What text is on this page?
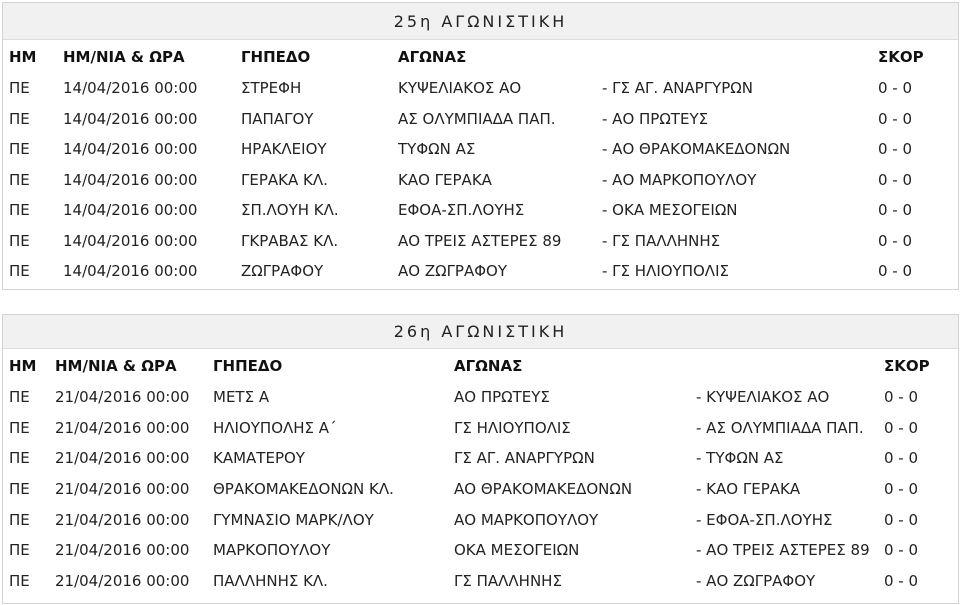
25η ΑΓΩΝΙΣΤΙΚΗ
ΗΜ	ΗΜ/ΝΙΑ & ΩΡΑ	ΓΗΠΕΔΟ	ΑΓΩΝΑΣ		ΣΚΟΡ
ΠΕ	14/04/2016 00:00	ΣΤΡΕΦΗ	ΚΥΨΕΛΙΑΚΟΣ ΑΟ	- ΓΣ ΑΓ. ΑΝΑΡΓΥΡΩΝ	0 - 0
ΠΕ	14/04/2016 00:00	ΠΑΠΑΓΟΥ	ΑΣ ΟΛΥΜΠΙΑΔΑ ΠΑΠ.	- ΑΟ ΠΡΩΤΕΥΣ	0 - 0
ΠΕ	14/04/2016 00:00	ΗΡΑΚΛΕΙΟΥ	ΤΥΦΩΝ ΑΣ	- ΑΟ ΘΡΑΚΟΜΑΚΕΔΟΝΩΝ	0 - 0
ΠΕ	14/04/2016 00:00	ΓΕΡΑΚΑ ΚΛ.	ΚΑΟ ΓΕΡΑΚΑ	- ΑΟ ΜΑΡΚΟΠΟΥΛΟΥ	0 - 0
ΠΕ	14/04/2016 00:00	ΣΠ.ΛΟΥΗ ΚΛ.	ΕΦΟΑ-ΣΠ.ΛΟΥΗΣ	- ΟΚΑ ΜΕΣΟΓΕΙΩΝ	0 - 0
ΠΕ	14/04/2016 00:00	ΓΚΡΑΒΑΣ ΚΛ.	ΑΟ ΤΡΕΙΣ ΑΣΤΕΡΕΣ 89	- ΓΣ ΠΑΛΛΗΝΗΣ	0 - 0
ΠΕ	14/04/2016 00:00	ΖΩΓΡΑΦΟΥ	ΑΟ ΖΩΓΡΑΦΟΥ	- ΓΣ ΗΛΙΟΥΠΟΛΙΣ	0 - 0
26η ΑΓΩΝΙΣΤΙΚΗ
ΗΜ	ΗΜ/ΝΙΑ & ΩΡΑ	ΓΗΠΕΔΟ	ΑΓΩΝΑΣ		ΣΚΟΡ
ΠΕ	21/04/2016 00:00	ΜΕΤΣ Α	ΑΟ ΠΡΩΤΕΥΣ	- ΚΥΨΕΛΙΑΚΟΣ ΑΟ	0 - 0
ΠΕ	21/04/2016 00:00	ΗΛΙΟΥΠΟΛΗΣ Α΄	ΓΣ ΗΛΙΟΥΠΟΛΙΣ	- ΑΣ ΟΛΥΜΠΙΑΔΑ ΠΑΠ.	0 - 0
ΠΕ	21/04/2016 00:00	ΚΑΜΑΤΕΡΟΥ	ΓΣ ΑΓ. ΑΝΑΡΓΥΡΩΝ	- ΤΥΦΩΝ ΑΣ	0 - 0
ΠΕ	21/04/2016 00:00	ΘΡΑΚΟΜΑΚΕΔΟΝΩΝ ΚΛ.	ΑΟ ΘΡΑΚΟΜΑΚΕΔΟΝΩΝ	- ΚΑΟ ΓΕΡΑΚΑ	0 - 0
ΠΕ	21/04/2016 00:00	ΓΥΜΝΑΣΙΟ ΜΑΡΚ/ΛΟΥ	ΑΟ ΜΑΡΚΟΠΟΥΛΟΥ	- ΕΦΟΑ-ΣΠ.ΛΟΥΗΣ	0 - 0
ΠΕ	21/04/2016 00:00	ΜΑΡΚΟΠΟΥΛΟΥ	ΟΚΑ ΜΕΣΟΓΕΙΩΝ	- ΑΟ ΤΡΕΙΣ ΑΣΤΕΡΕΣ 89	0 - 0
ΠΕ	21/04/2016 00:00	ΠΑΛΛΗΝΗΣ ΚΛ.	ΓΣ ΠΑΛΛΗΝΗΣ	- ΑΟ ΖΩΓΡΑΦΟΥ	0 - 0
